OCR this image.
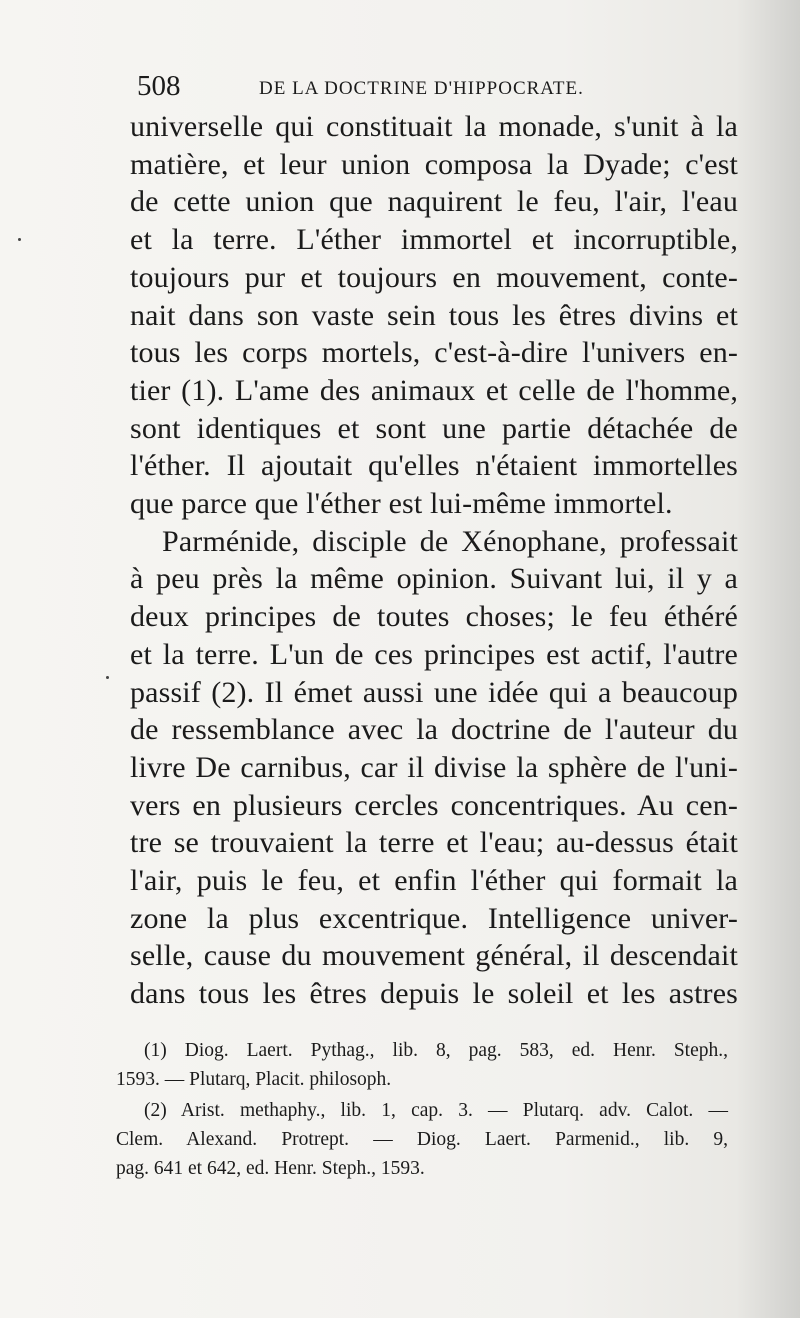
508	DE LA DOCTRINE D'HIPPOCRATE.

universelle qui constituait la monade, s'unit à la
matière, et leur union composa la Dyade; c'est
de cette union que naquirent le feu, l'air, l'eau
et la terre. L'éther immortel et incorruptible,
toujours pur et toujours en mouvement, conte-
nait dans son vaste sein tous les êtres divins et
tous les corps mortels, c'est-à-dire l'univers en-
tier (1). L'ame des animaux et celle de l'homme,
sont identiques et sont une partie détachée de
l'éther. Il ajoutait qu'elles n'étaient immortelles
que parce que l'éther est lui-même immortel.

Parménide, disciple de Xénophane, professait
à peu près la même opinion. Suivant lui, il y a
deux principes de toutes choses; le feu éthéré
et la terre. L'un de ces principes est actif, l'autre
passif (2). Il émet aussi une idée qui a beaucoup
de ressemblance avec la doctrine de l'auteur du
livre De carnibus, car il divise la sphère de l'uni-
vers en plusieurs cercles concentriques. Au cen-
tre se trouvaient la terre et l'eau; au-dessus était
l'air, puis le feu, et enfin l'éther qui formait la
zone la plus excentrique. Intelligence univer-
selle, cause du mouvement général, il descendait
dans tous les êtres depuis le soleil et les astres

(1) Diog. Laert. Pythag., lib. 8, pag. 583, ed. Henr. Steph.,
1593. — Plutarq, Placit. philosoph.
(2) Arist. methaphy., lib. 1, cap. 3. — Plutarq. adv. Calot. —
Clem. Alexand. Protrept. — Diog. Laert. Parmenid., lib. 9,
pag. 641 et 642, ed. Henr. Steph., 1593.
